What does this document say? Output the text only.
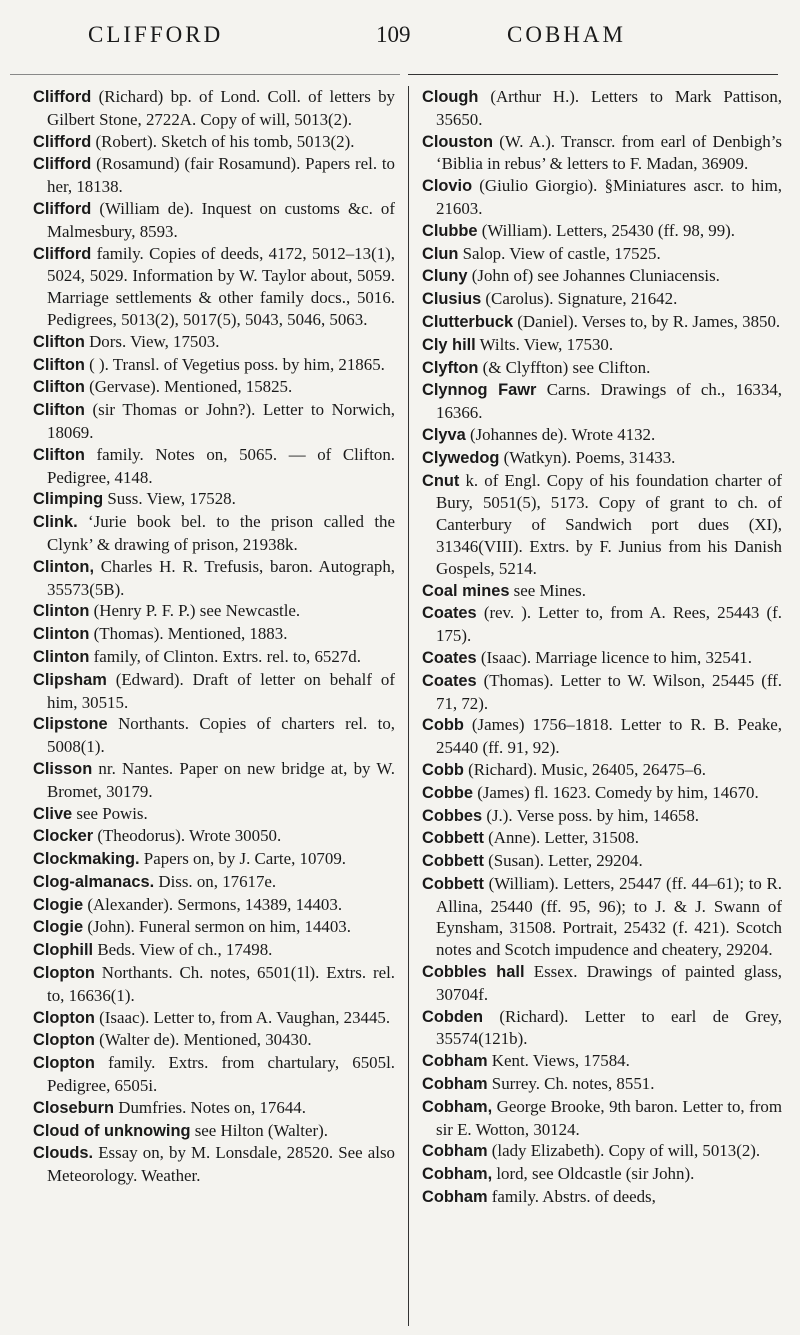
CLIFFORD	109	COBHAM
Clifford (Richard) bp. of Lond. Coll. of letters by Gilbert Stone, 2722A. Copy of will, 5013(2).
Clifford (Robert). Sketch of his tomb, 5013(2).
Clifford (Rosamund) (fair Rosamund). Papers rel. to her, 18138.
Clifford (William de). Inquest on customs &c. of Malmesbury, 8593.
Clifford family. Copies of deeds, 4172, 5012–13(1), 5024, 5029. Information by W. Taylor about, 5059. Marriage settlements & other family docs., 5016. Pedigrees, 5013(2), 5017(5), 5043, 5046, 5063.
Clifton Dors. View, 17503.
Clifton ( ). Transl. of Vegetius poss. by him, 21865.
Clifton (Gervase). Mentioned, 15825.
Clifton (sir Thomas or John?). Letter to Norwich, 18069.
Clifton family. Notes on, 5065. — of Clifton. Pedigree, 4148.
Climping Suss. View, 17528.
Clink. ‘Jurie book bel. to the prison called the Clynk’ & drawing of prison, 21938k.
Clinton, Charles H. R. Trefusis, baron. Autograph, 35573(5B).
Clinton (Henry P. F. P.) see Newcastle.
Clinton (Thomas). Mentioned, 1883.
Clinton family, of Clinton. Extrs. rel. to, 6527d.
Clipsham (Edward). Draft of letter on behalf of him, 30515.
Clipstone Northants. Copies of charters rel. to, 5008(1).
Clisson nr. Nantes. Paper on new bridge at, by W. Bromet, 30179.
Clive see Powis.
Clocker (Theodorus). Wrote 30050.
Clockmaking. Papers on, by J. Carte, 10709.
Clog-almanacs. Diss. on, 17617e.
Clogie (Alexander). Sermons, 14389, 14403.
Clogie (John). Funeral sermon on him, 14403.
Clophill Beds. View of ch., 17498.
Clopton Northants. Ch. notes, 6501(1l). Extrs. rel. to, 16636(1).
Clopton (Isaac). Letter to, from A. Vaughan, 23445.
Clopton (Walter de). Mentioned, 30430.
Clopton family. Extrs. from chartulary, 6505l. Pedigree, 6505i.
Closeburn Dumfries. Notes on, 17644.
Cloud of unknowing see Hilton (Walter).
Clouds. Essay on, by M. Lonsdale, 28520. See also Meteorology. Weather.
Clough (Arthur H.). Letters to Mark Pattison, 35650.
Clouston (W. A.). Transcr. from earl of Denbigh’s ‘Biblia in rebus’ & letters to F. Madan, 36909.
Clovio (Giulio Giorgio). §Miniatures ascr. to him, 21603.
Clubbe (William). Letters, 25430 (ff. 98, 99).
Clun Salop. View of castle, 17525.
Cluny (John of) see Johannes Cluniacensis.
Clusius (Carolus). Signature, 21642.
Clutterbuck (Daniel). Verses to, by R. James, 3850.
Cly hill Wilts. View, 17530.
Clyfton (& Clyffton) see Clifton.
Clynnog Fawr Carns. Drawings of ch., 16334, 16366.
Clyva (Johannes de). Wrote 4132.
Clywedog (Watkyn). Poems, 31433.
Cnut k. of Engl. Copy of his foundation charter of Bury, 5051(5), 5173. Copy of grant to ch. of Canterbury of Sandwich port dues (XI), 31346(VIII). Extrs. by F. Junius from his Danish Gospels, 5214.
Coal mines see Mines.
Coates (rev. ). Letter to, from A. Rees, 25443 (f. 175).
Coates (Isaac). Marriage licence to him, 32541.
Coates (Thomas). Letter to W. Wilson, 25445 (ff. 71, 72).
Cobb (James) 1756–1818. Letter to R. B. Peake, 25440 (ff. 91, 92).
Cobb (Richard). Music, 26405, 26475–6.
Cobbe (James) fl. 1623. Comedy by him, 14670.
Cobbes (J.). Verse poss. by him, 14658.
Cobbett (Anne). Letter, 31508.
Cobbett (Susan). Letter, 29204.
Cobbett (William). Letters, 25447 (ff. 44–61); to R. Allina, 25440 (ff. 95, 96); to J. & J. Swann of Eynsham, 31508. Portrait, 25432 (f. 421). Scotch notes and Scotch impudence and cheatery, 29204.
Cobbles hall Essex. Drawings of painted glass, 30704f.
Cobden (Richard). Letter to earl de Grey, 35574(121b).
Cobham Kent. Views, 17584.
Cobham Surrey. Ch. notes, 8551.
Cobham, George Brooke, 9th baron. Letter to, from sir E. Wotton, 30124.
Cobham (lady Elizabeth). Copy of will, 5013(2).
Cobham, lord, see Oldcastle (sir John).
Cobham family. Abstrs. of deeds,
